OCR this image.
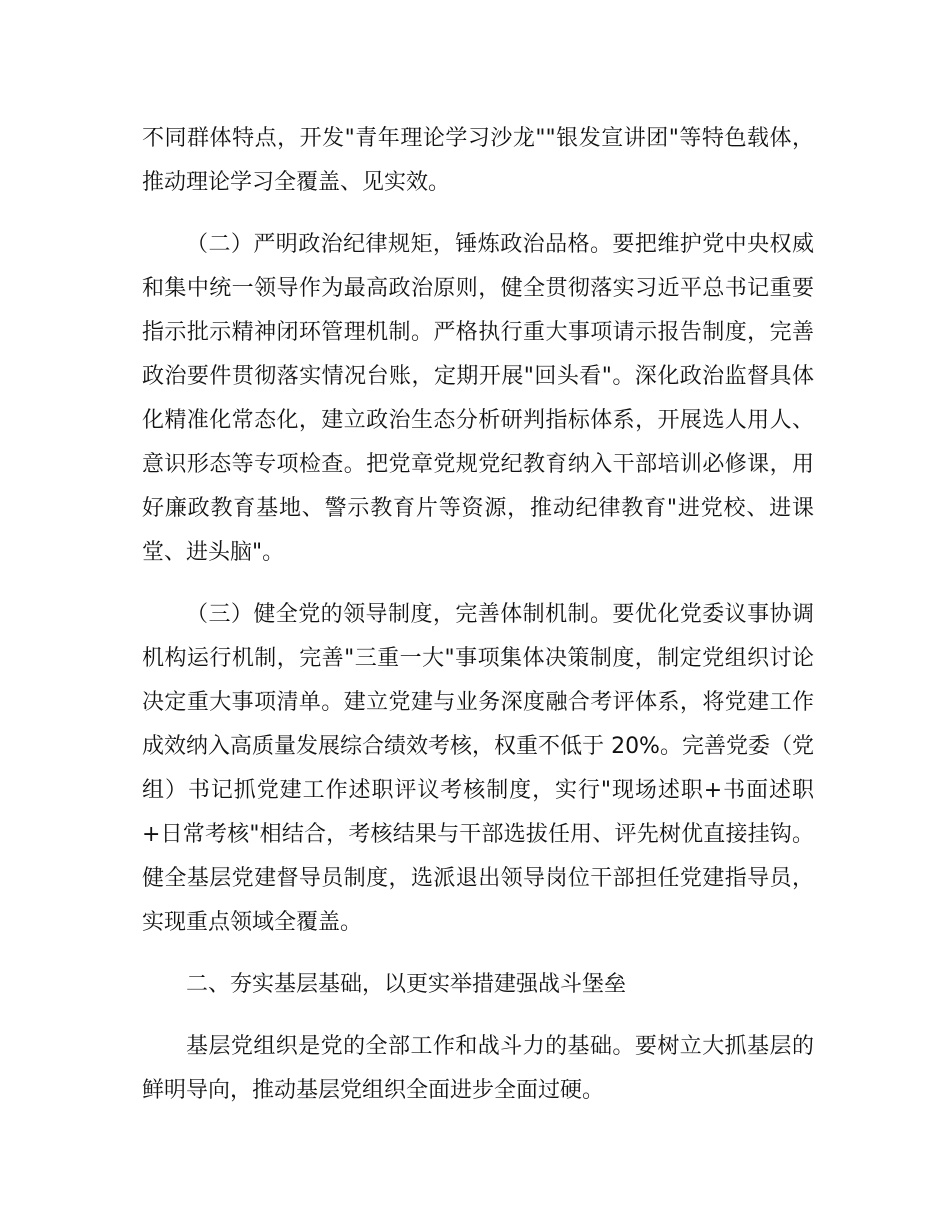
不同群体特点，开发"青年理论学习沙龙""银发宣讲团"等特色载体，推动理论学习全覆盖、见实效。

（二）严明政治纪律规矩，锤炼政治品格。要把维护党中央权威和集中统一领导作为最高政治原则，健全贯彻落实习近平总书记重要指示批示精神闭环管理机制。严格执行重大事项请示报告制度，完善政治要件贯彻落实情况台账，定期开展"回头看"。深化政治监督具体化精准化常态化，建立政治生态分析研判指标体系，开展选人用人、意识形态等专项检查。把党章党规党纪教育纳入干部培训必修课，用好廉政教育基地、警示教育片等资源，推动纪律教育"进党校、进课堂、进头脑"。

（三）健全党的领导制度，完善体制机制。要优化党委议事协调机构运行机制，完善"三重一大"事项集体决策制度，制定党组织讨论决定重大事项清单。建立党建与业务深度融合考评体系，将党建工作成效纳入高质量发展综合绩效考核，权重不低于 20%。完善党委（党组）书记抓党建工作述职评议考核制度，实行"现场述职+书面述职+日常考核"相结合，考核结果与干部选拔任用、评先树优直接挂钩。健全基层党建督导员制度，选派退出领导岗位干部担任党建指导员，实现重点领域全覆盖。

二、夯实基层基础，以更实举措建强战斗堡垒

基层党组织是党的全部工作和战斗力的基础。要树立大抓基层的鲜明导向，推动基层党组织全面进步全面过硬。
